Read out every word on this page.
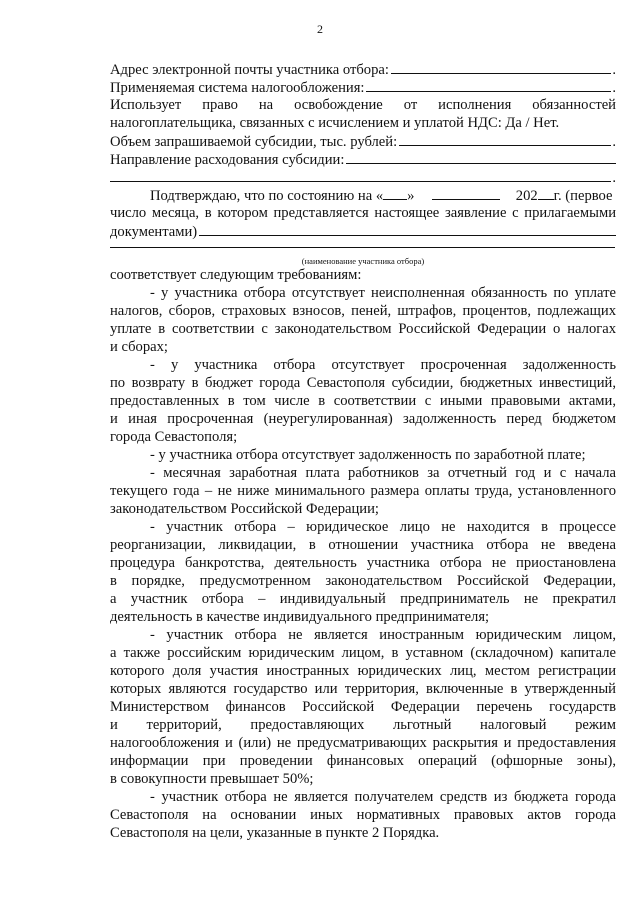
2
Адрес электронной почты участника отбора:	.
Применяемая система налогообложения:	.
Использует право на освобождение от исполнения обязанностей
налогоплательщика, связанных с исчислением и уплатой НДС: Да / Нет.
Объем запрашиваемой субсидии, тыс. рублей:	.
Направление расходования субсидии:
.
Подтверждаю, что по состоянию на « »	202 г. (первое
число месяца, в котором представляется настоящее заявление с прилагаемыми
документами)
(наименование участника отбора)
соответствует следующим требованиям:
- у участника отбора отсутствует неисполненная обязанность по уплате
налогов, сборов, страховых взносов, пеней, штрафов, процентов, подлежащих
уплате в соответствии с законодательством Российской Федерации о налогах
и сборах;
- у участника отбора отсутствует просроченная задолженность
по возврату в бюджет города Севастополя субсидии, бюджетных инвестиций,
предоставленных в том числе в соответствии с иными правовыми актами,
и иная просроченная (неурегулированная) задолженность перед бюджетом
города Севастополя;
- у участника отбора отсутствует задолженность по заработной плате;
- месячная заработная плата работников за отчетный год и с начала
текущего года – не ниже минимального размера оплаты труда, установленного
законодательством Российской Федерации;
- участник отбора – юридическое лицо не находится в процессе
реорганизации, ликвидации, в отношении участника отбора не введена
процедура банкротства, деятельность участника отбора не приостановлена
в порядке, предусмотренном законодательством Российской Федерации,
а участник отбора – индивидуальный предприниматель не прекратил
деятельность в качестве индивидуального предпринимателя;
- участник отбора не является иностранным юридическим лицом,
а также российским юридическим лицом, в уставном (складочном) капитале
которого доля участия иностранных юридических лиц, местом регистрации
которых являются государство или территория, включенные в утвержденный
Министерством финансов Российской Федерации перечень государств
и территорий, предоставляющих льготный налоговый режим
налогообложения и (или) не предусматривающих раскрытия и предоставления
информации при проведении финансовых операций (офшорные зоны),
в совокупности превышает 50%;
- участник отбора не является получателем средств из бюджета города
Севастополя на основании иных нормативных правовых актов города
Севастополя на цели, указанные в пункте 2 Порядка.
